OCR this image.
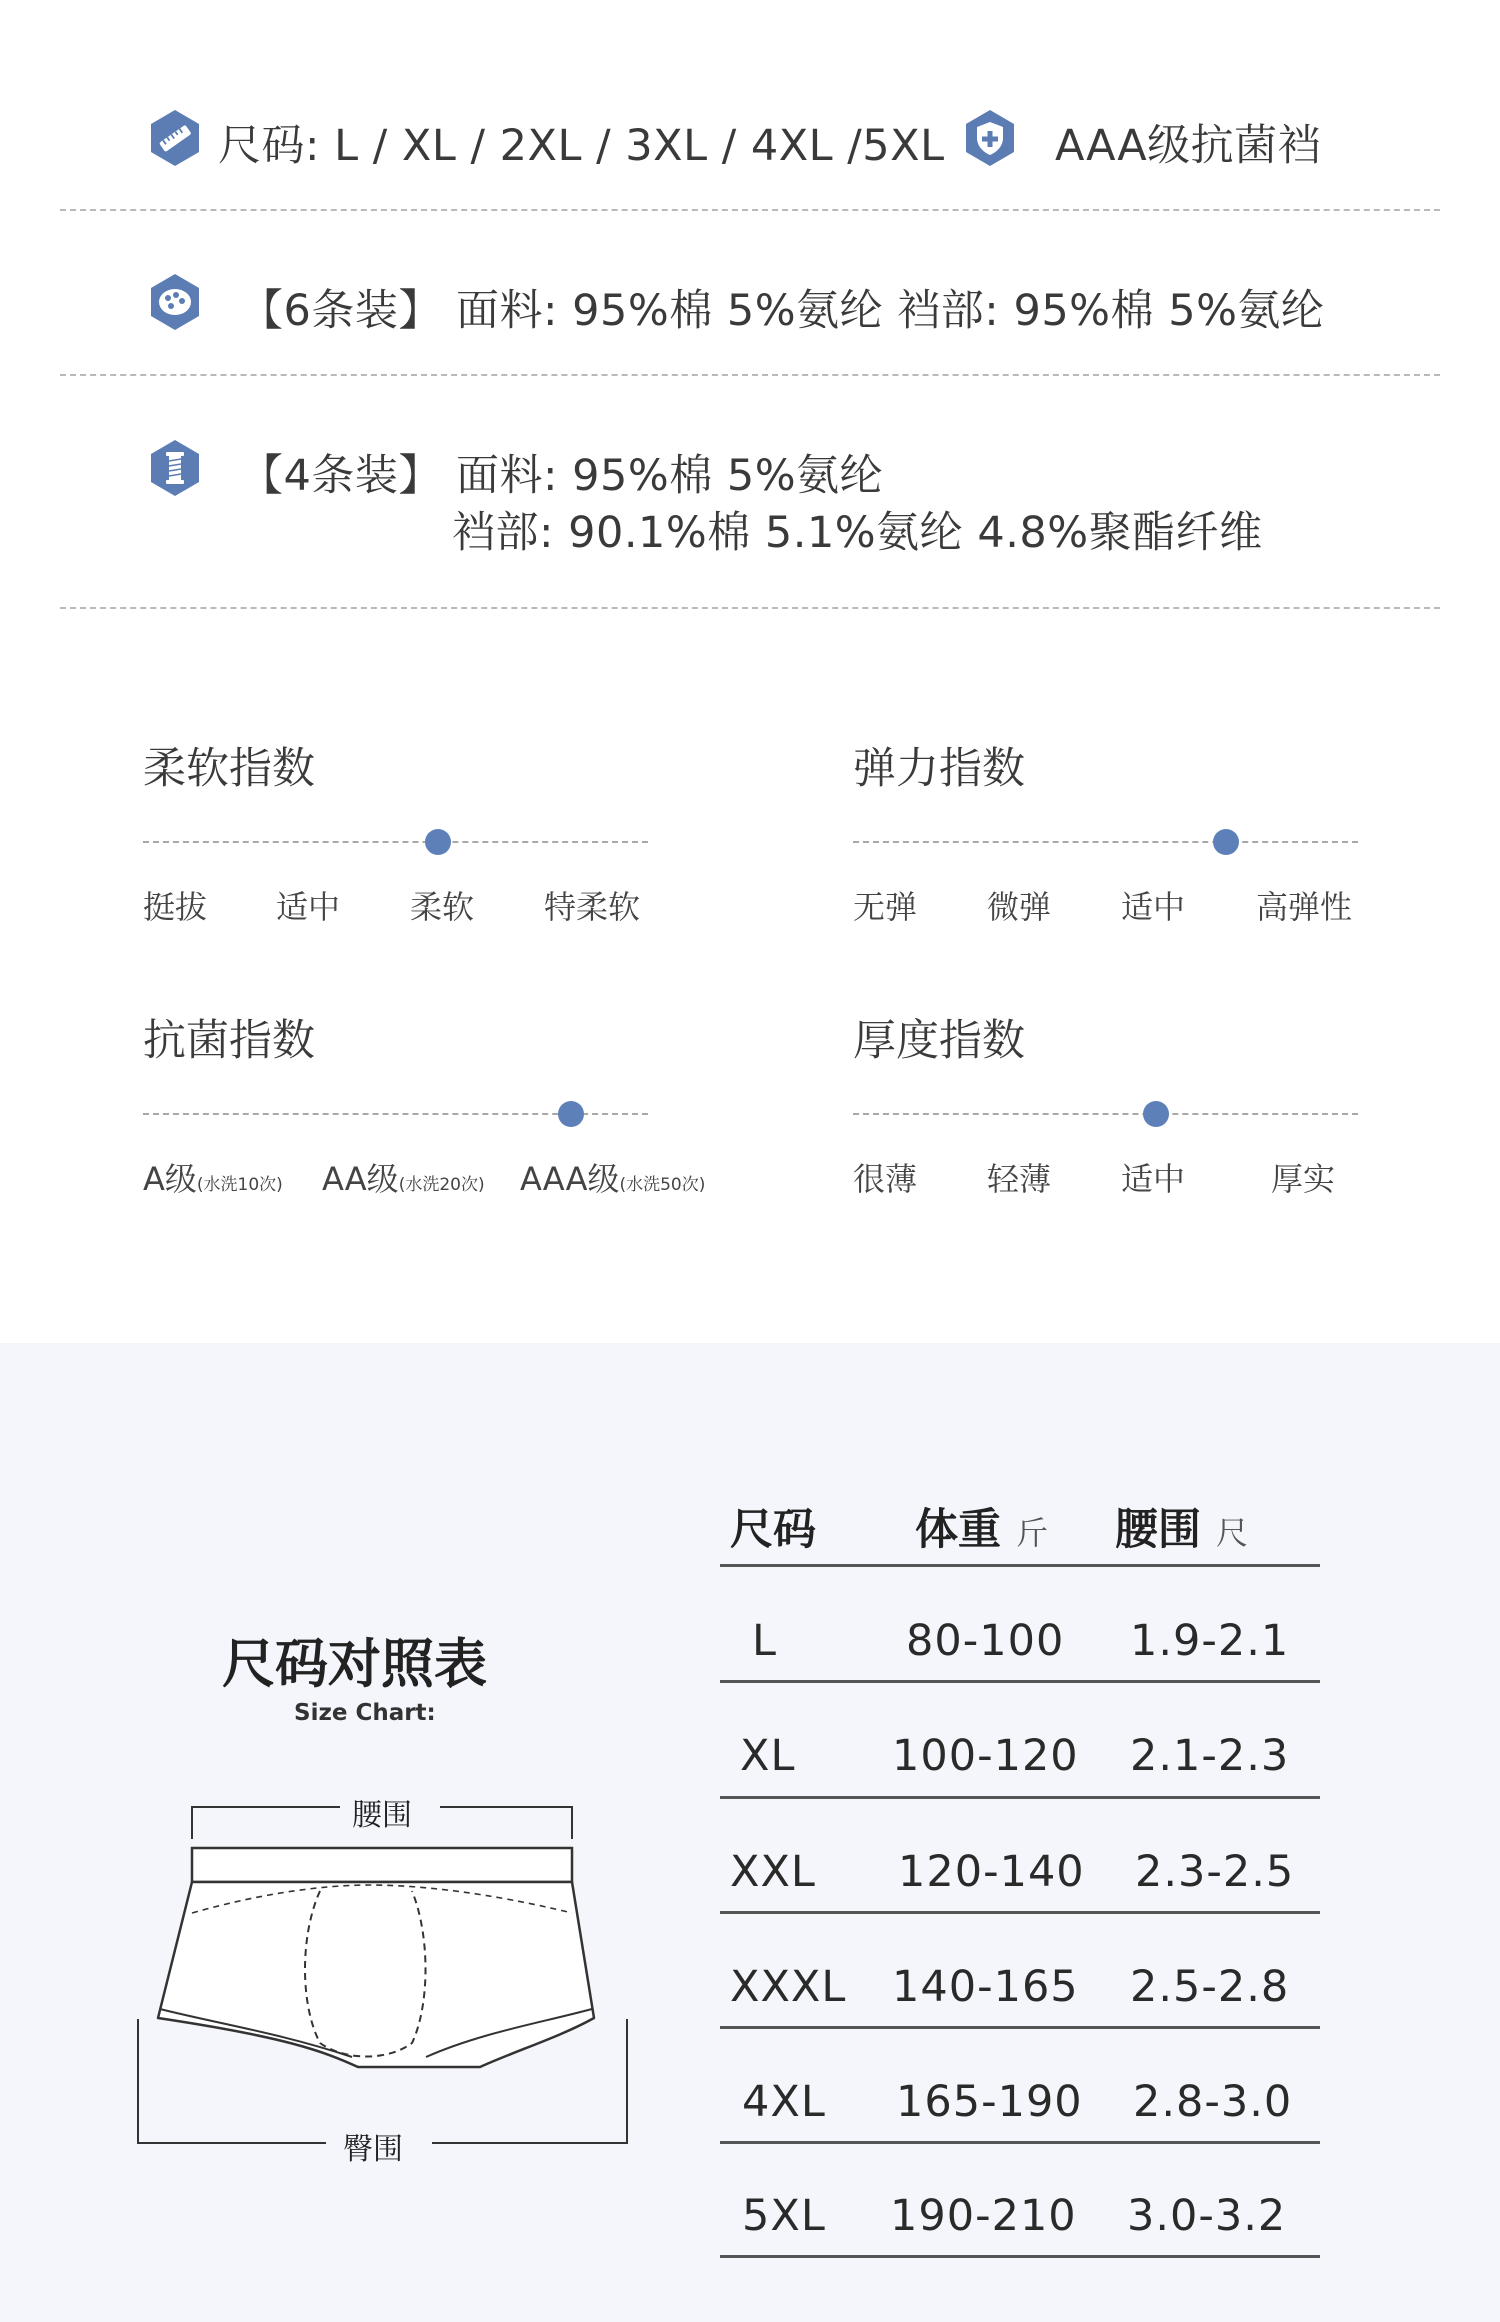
尺码: L / XL / 2XL / 3XL / 4XL /5XL	AAA级抗菌裆
【6条装】 面料: 95%棉 5%氨纶 裆部: 95%棉 5%氨纶
【4条装】 面料: 95%棉 5%氨纶
裆部: 90.1%棉 5.1%氨纶 4.8%聚酯纤维
柔软指数
挺拔 适中 柔软 特柔软
弹力指数
无弹 微弹 适中 高弹性
抗菌指数
A级(水洗10次) AA级(水洗20次) AAA级(水洗50次)
厚度指数
很薄 轻薄 适中	厚实
尺码对照表
Size Chart:
腰围
臀围
尺码 体重 斤 腰围 尺
L	80-100 1.9-2.1
XL 100-120 2.1-2.3
XXL 120-140 2.3-2.5
XXXL 140-165 2.5-2.8
4XL 165-190 2.8-3.0
5XL 190-210 3.0-3.2
